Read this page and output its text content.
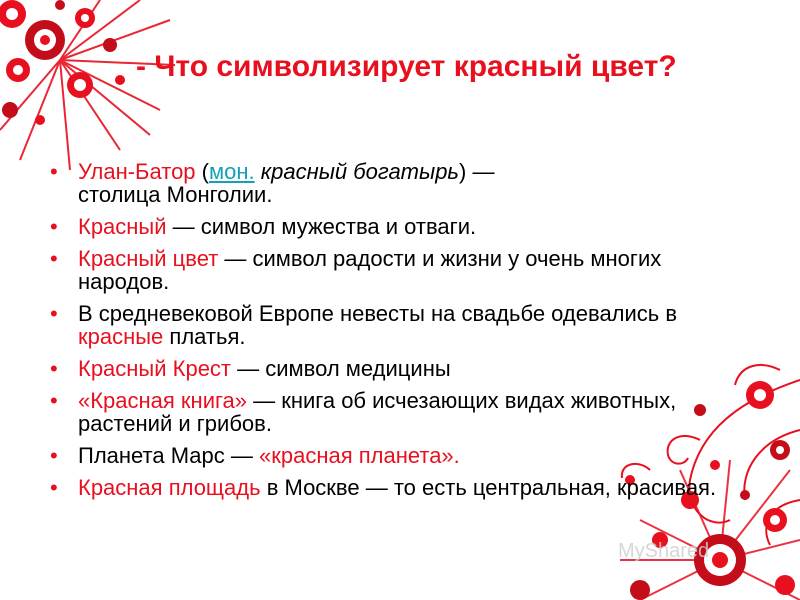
- Что символизирует красный цвет?
• Улан-Батор (мон. красный богатырь) —
столица Монголии.
• Красный — символ мужества и отваги.
• Красный цвет — символ радости и жизни у очень многих народов.
• В средневековой Европе невесты на свадьбе одевались в красные платья.
• Красный Крест — символ медицины
• «Красная книга» — книга об исчезающих видах животных, растений и грибов.
• Планета Марс — «красная планета».
• Красная площадь в Москве — то есть центральная, красивая.
MyShared
